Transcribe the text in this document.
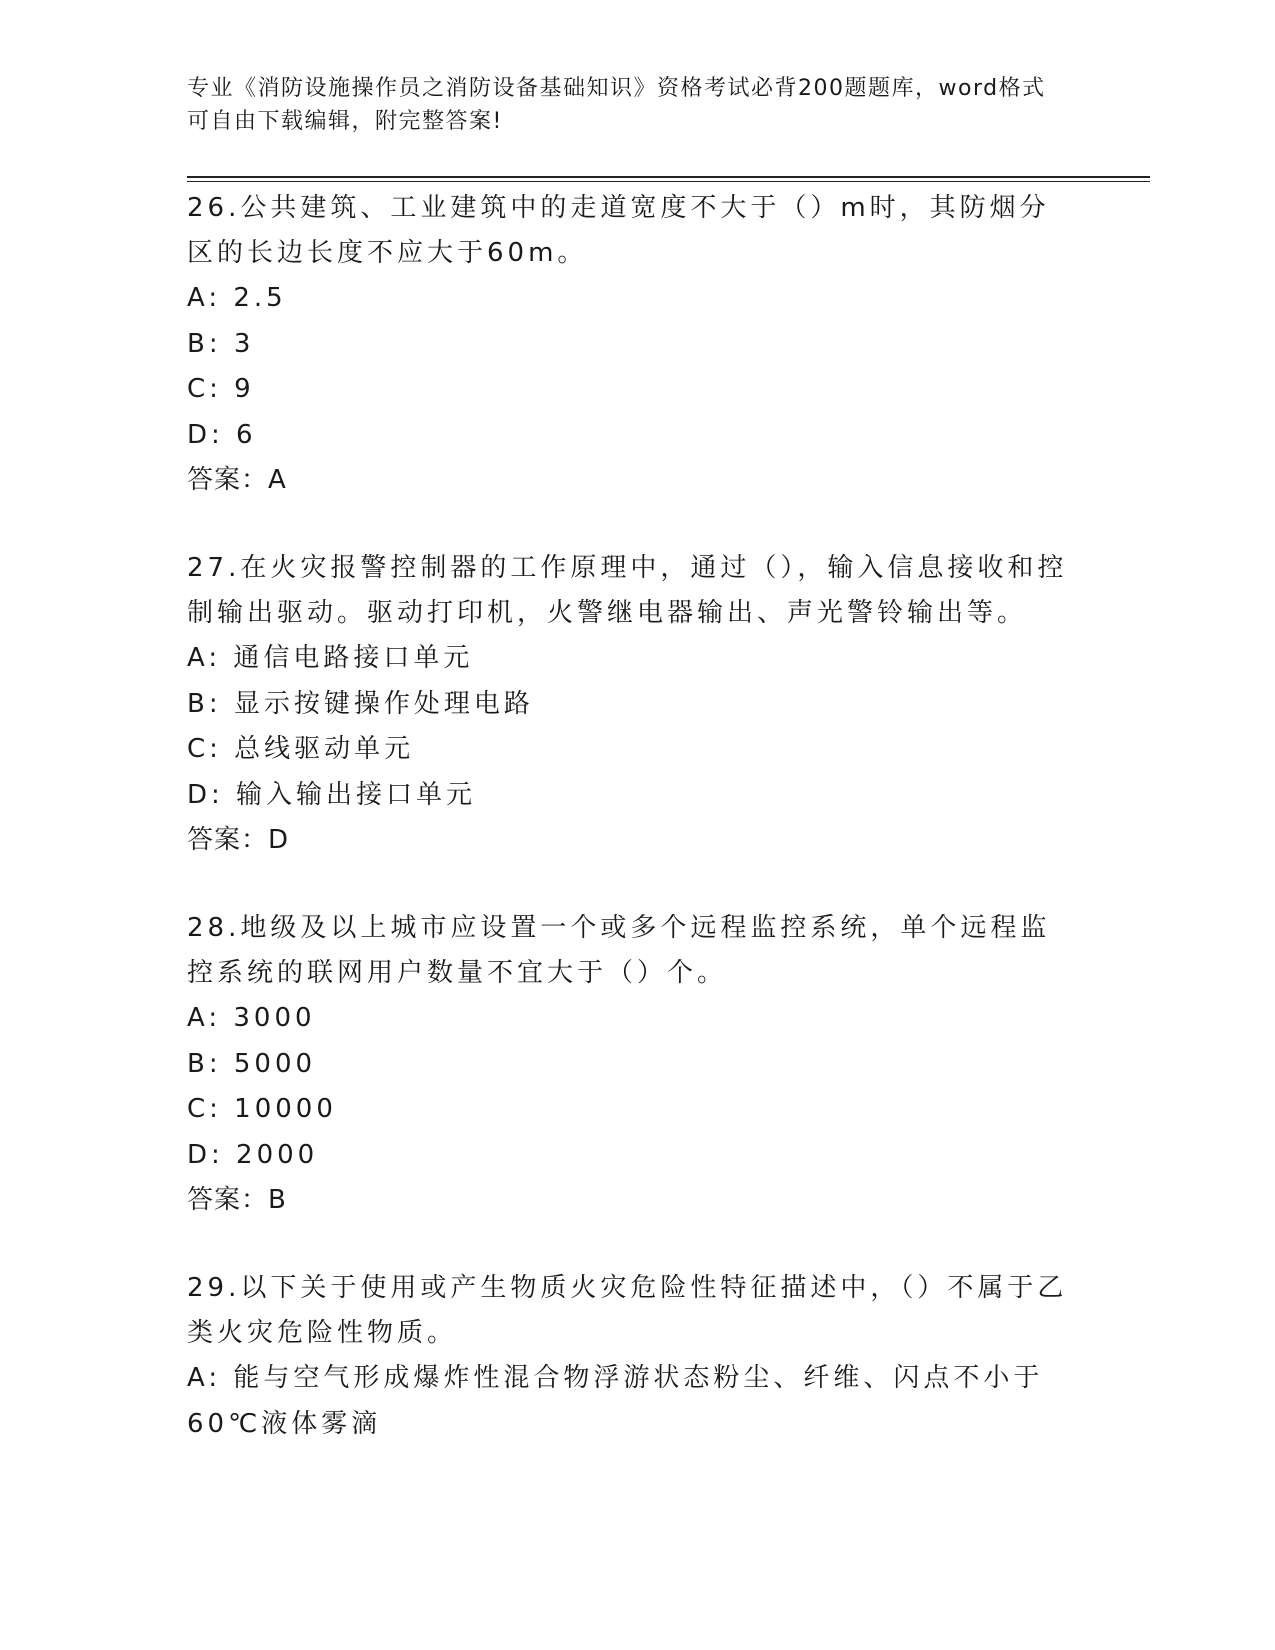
专业《消防设施操作员之消防设备基础知识》资格考试必背200题题库，word格式可自由下载编辑，附完整答案!
26.公共建筑、工业建筑中的走道宽度不大于（）m时，其防烟分区的长边长度不应大于60m。
A: 2.5
B: 3
C: 9
D: 6
答案：A
27.在火灾报警控制器的工作原理中，通过（），输入信息接收和控制输出驱动。驱动打印机，火警继电器输出、声光警铃输出等。
A: 通信电路接口单元
B: 显示按键操作处理电路
C: 总线驱动单元
D: 输入输出接口单元
答案：D
28.地级及以上城市应设置一个或多个远程监控系统，单个远程监控系统的联网用户数量不宜大于（）个。
A: 3000
B: 5000
C: 10000
D: 2000
答案：B
29.以下关于使用或产生物质火灾危险性特征描述中，（）不属于乙类火灾危险性物质。
A: 能与空气形成爆炸性混合物浮游状态粉尘、纤维、闪点不小于60℃液体雾滴
